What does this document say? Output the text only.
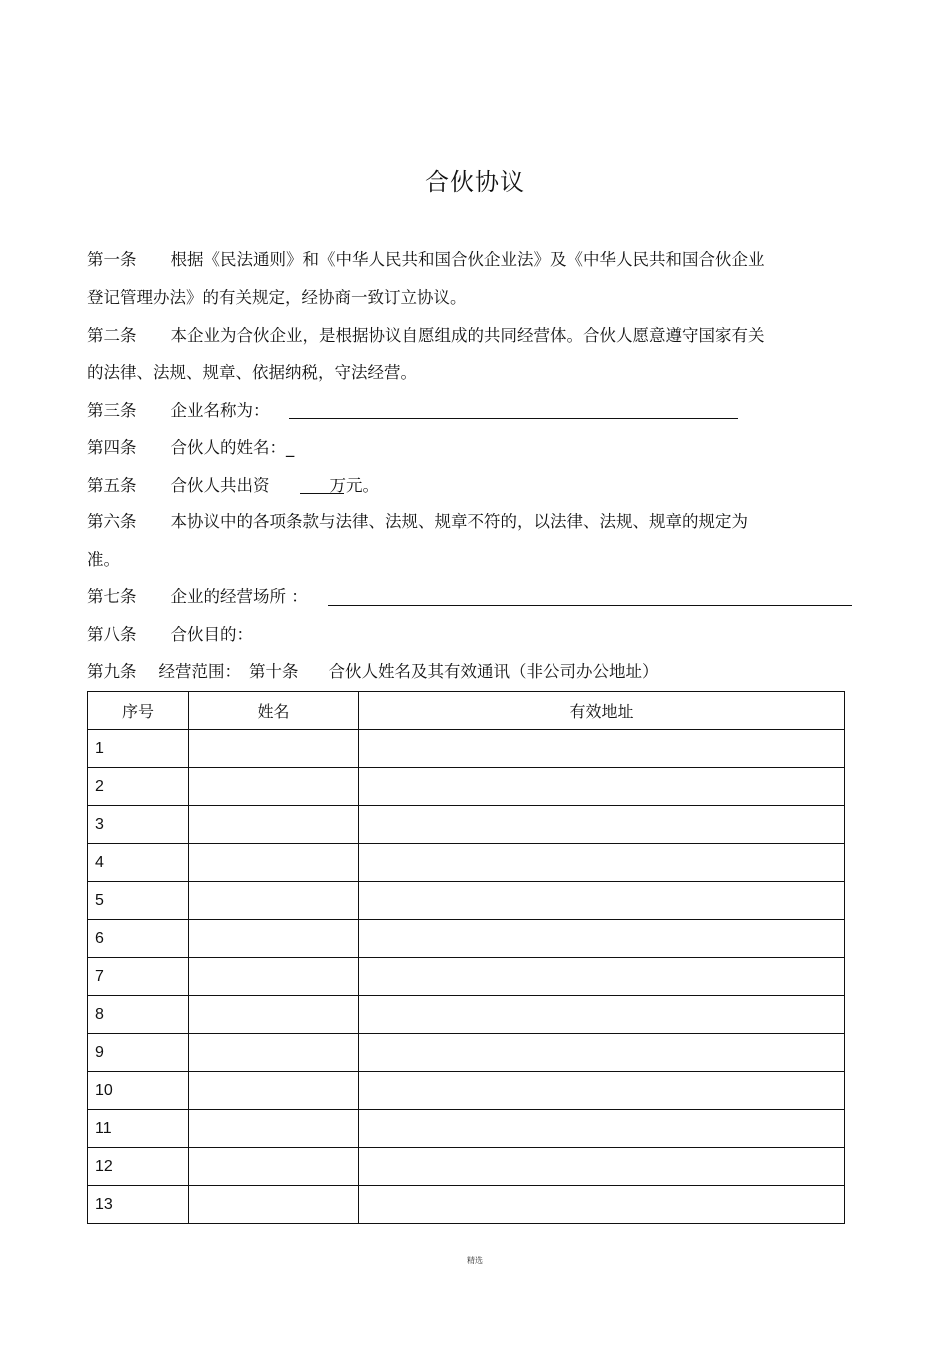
合伙协议
第一条 根据《民法通则》和《中华人民共和国合伙企业法》及《中华人民共和国合伙企业
登记管理办法》的有关规定，经协商一致订立协议。
第二条 本企业为合伙企业，是根据协议自愿组成的共同经营体。合伙人愿意遵守国家有关
的法律、法规、规章、依据纳税，守法经营。
第三条 企业名称为：
第四条 合伙人的姓名：_
第五条 合伙人共出资	万元。
第六条 本协议中的各项条款与法律、法规、规章不符的，以法律、法规、规章的规定为
准。
第七条 企业的经营场所 ：
第八条 合伙目的：
第九条 经营范围： 第十条 合伙人姓名及其有效通讯（非公司办公地址）
序号	姓名	有效地址
1		
2		
3		
4		
5		
6		
7		
8		
9		
10		
11		
12		
13		
精选
